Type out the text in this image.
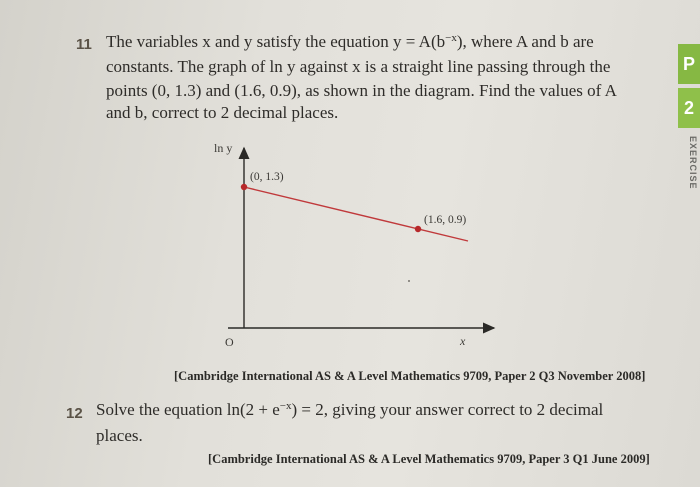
11 The variables x and y satisfy the equation $y = A(b^{-x})$, where A and b are
constants. The graph of ln y against x is a straight line passing through the
points (0, 1.3) and (1.6, 0.9), as shown in the diagram. Find the values of A
and b, correct to 2 decimal places.
ln y
x
O
(0, 1.3)
(1.6, 0.9)
[Cambridge International AS & A Level Mathematics 9709, Paper 2 Q3 November 2008]
12 Solve the equation $\ln(2 + e^{-x}) = 2$, giving your answer correct to 2 decimal
places.
[Cambridge International AS & A Level Mathematics 9709, Paper 3 Q1 June 2009]
P
2
EXERCISE
